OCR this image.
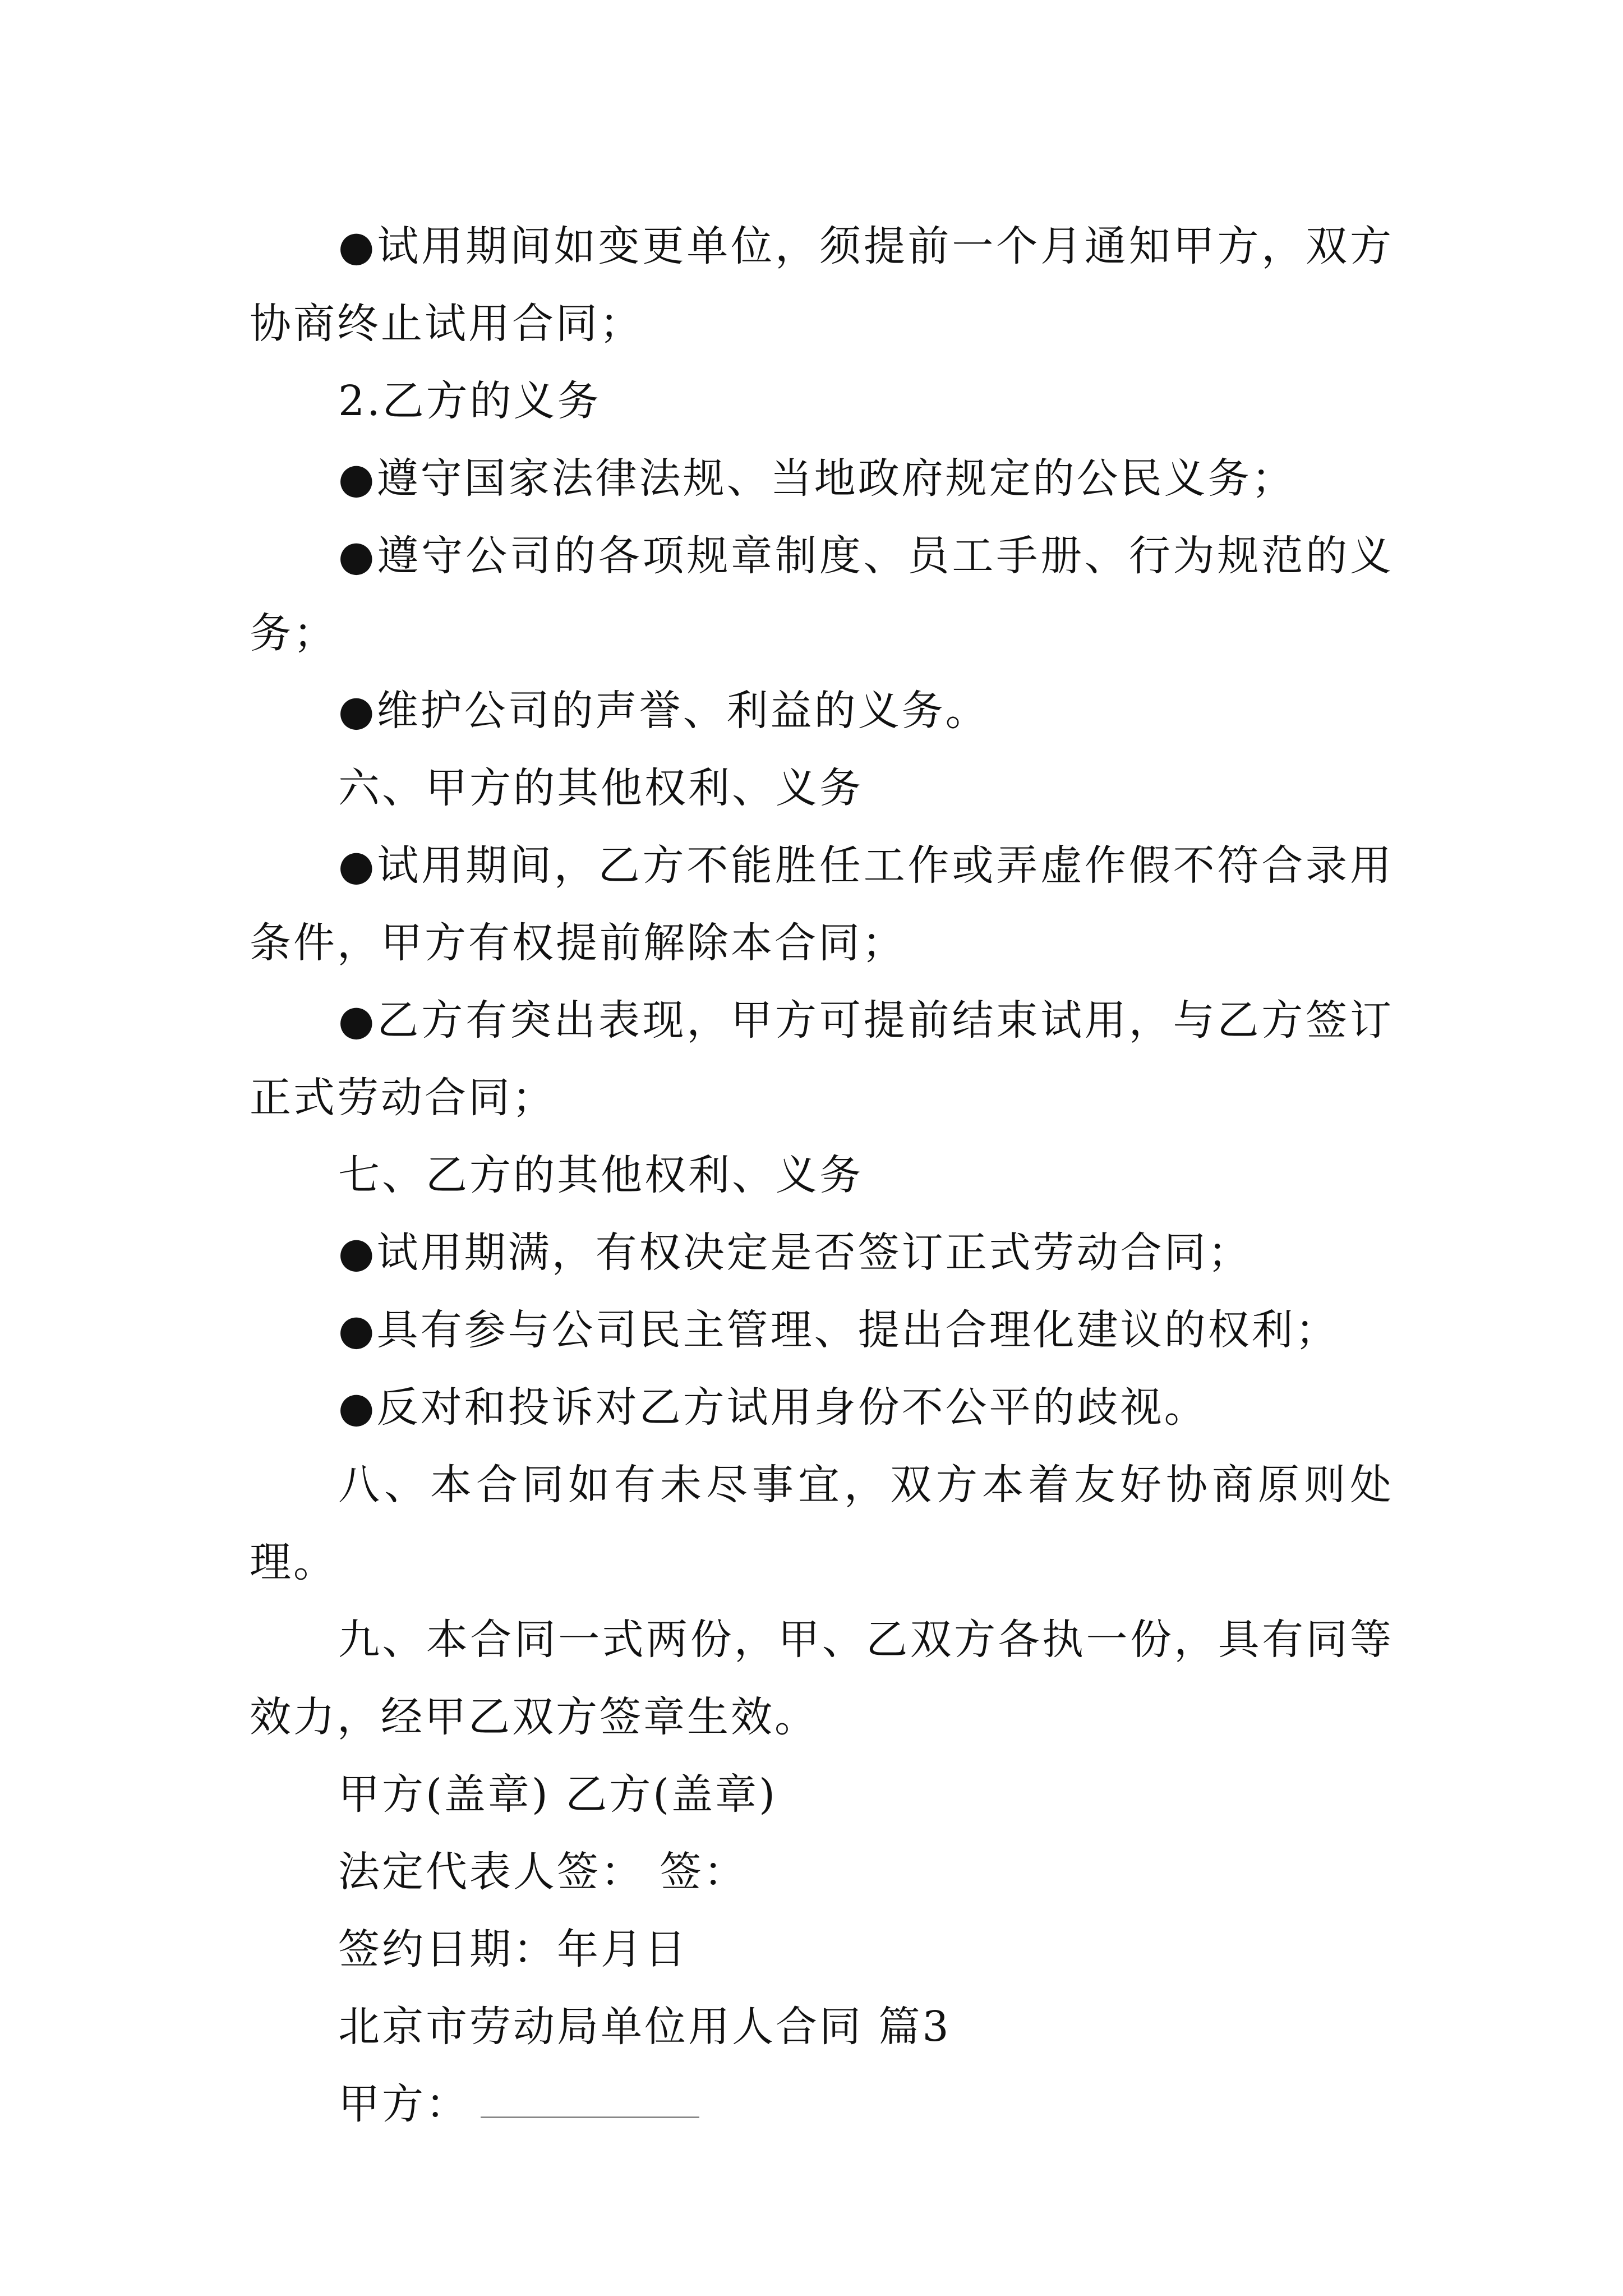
●试用期间如变更单位，须提前一个月通知甲方，双方协商终止试用合同；

2.乙方的义务

●遵守国家法律法规、当地政府规定的公民义务；

●遵守公司的各项规章制度、员工手册、行为规范的义务；

●维护公司的声誉、利益的义务。

六、甲方的其他权利、义务

●试用期间，乙方不能胜任工作或弄虚作假不符合录用条件，甲方有权提前解除本合同；

●乙方有突出表现，甲方可提前结束试用，与乙方签订正式劳动合同；

七、乙方的其他权利、义务

●试用期满，有权决定是否签订正式劳动合同；

●具有参与公司民主管理、提出合理化建议的权利；

●反对和投诉对乙方试用身份不公平的歧视。

八、本合同如有未尽事宜，双方本着友好协商原则处理。

九、本合同一式两份，甲、乙双方各执一份，具有同等效力，经甲乙双方签章生效。

甲方(盖章) 乙方(盖章)

法定代表人签： 签：

签约日期：年月日

北京市劳动局单位用人合同 篇3

甲方：
